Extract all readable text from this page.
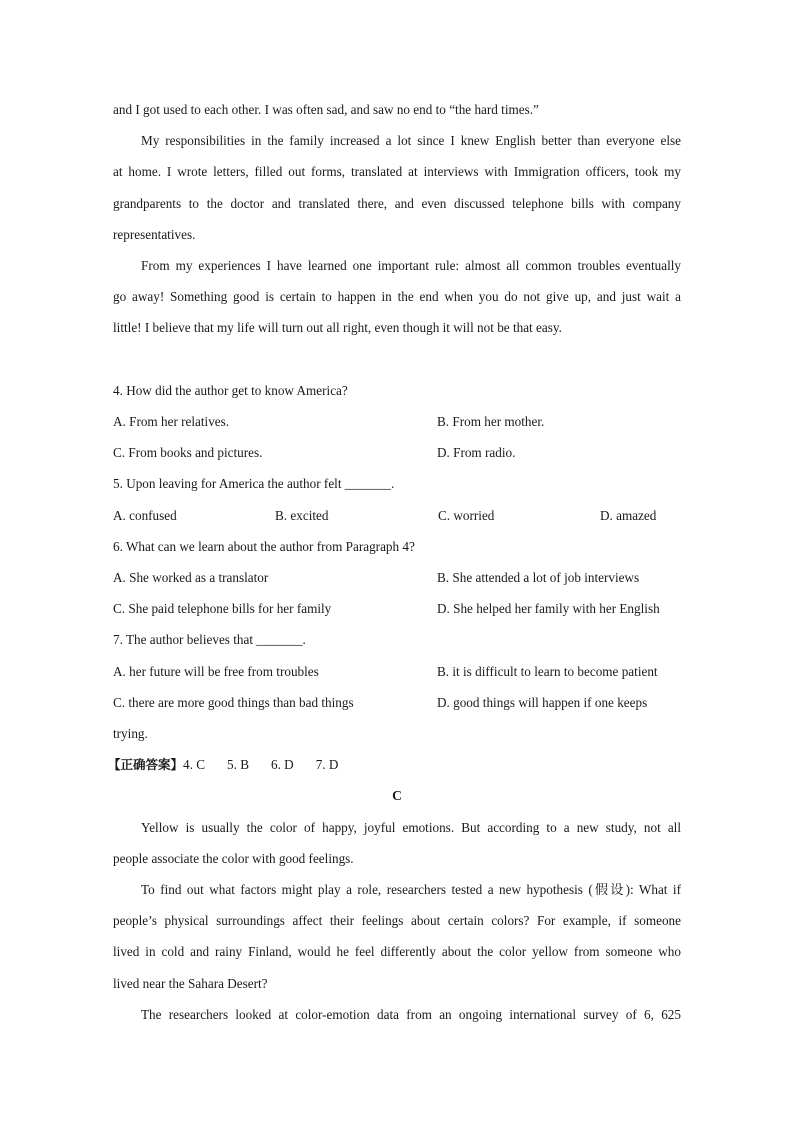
and I got used to each other. I was often sad, and saw no end to “the hard times.”
My responsibilities in the family increased a lot since I knew English better than everyone else
at home. I wrote letters, filled out forms, translated at interviews with Immigration officers, took my
grandparents to the doctor and translated there, and even discussed telephone bills with company
representatives.
From my experiences I have learned one important rule: almost all common troubles eventually
go away! Something good is certain to happen in the end when you do not give up, and just wait a
little! I believe that my life will turn out all right, even though it will not be that easy.
4. How did the author get to know America?
A. From her relatives.	B. From her mother.
C. From books and pictures.	D. From radio.
5. Upon leaving for America the author felt _______.
A. confused	B. excited	C. worried	D. amazed
6. What can we learn about the author from Paragraph 4?
A. She worked as a translator	B. She attended a lot of job interviews
C. She paid telephone bills for her family	D. She helped her family with her English
7. The author believes that _______.
A. her future will be free from troubles	B. it is difficult to learn to become patient
C. there are more good things than bad things	D. good things will happen if one keeps
trying.
【正确答案】4. C 5. B 6. D 7. D
C
Yellow is usually the color of happy, joyful emotions. But according to a new study, not all
people associate the color with good feelings.
To find out what factors might play a role, researchers tested a new hypothesis (假设): What if
people’s physical surroundings affect their feelings about certain colors? For example, if someone
lived in cold and rainy Finland, would he feel differently about the color yellow from someone who
lived near the Sahara Desert?
The researchers looked at color-emotion data from an ongoing international survey of 6, 625
